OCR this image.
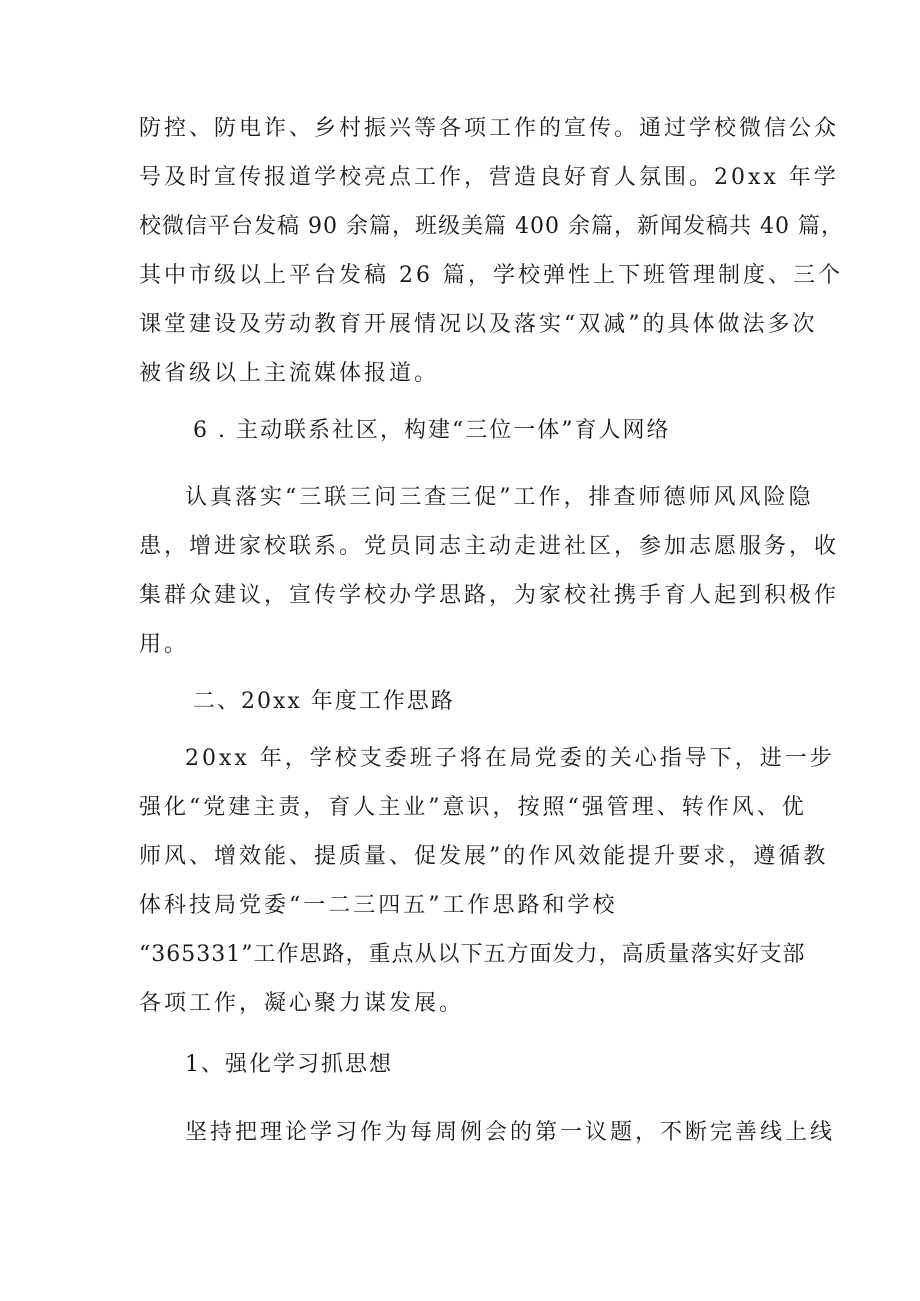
防控、防电诈、乡村振兴等各项工作的宣传。通过学校微信公众
号及时宣传报道学校亮点工作，营造良好育人氛围。20xx 年学
校微信平台发稿 90 余篇，班级美篇 400 余篇，新闻发稿共 40 篇，
其中市级以上平台发稿 26 篇，学校弹性上下班管理制度、三个
课堂建设及劳动教育开展情况以及落实“双减”的具体做法多次
被省级以上主流媒体报道。
6 . 主动联系社区，构建“三位一体”育人网络
认真落实“三联三问三查三促”工作，排查师德师风风险隐
患，增进家校联系。党员同志主动走进社区，参加志愿服务，收
集群众建议，宣传学校办学思路，为家校社携手育人起到积极作
用。
二、20xx 年度工作思路
20xx 年，学校支委班子将在局党委的关心指导下，进一步
强化“党建主责，育人主业”意识，按照“强管理、转作风、优
师风、增效能、提质量、促发展”的作风效能提升要求，遵循教
体科技局党委“一二三四五”工作思路和学校
“365331”工作思路，重点从以下五方面发力，高质量落实好支部
各项工作，凝心聚力谋发展。
1、强化学习抓思想
坚持把理论学习作为每周例会的第一议题，不断完善线上线
